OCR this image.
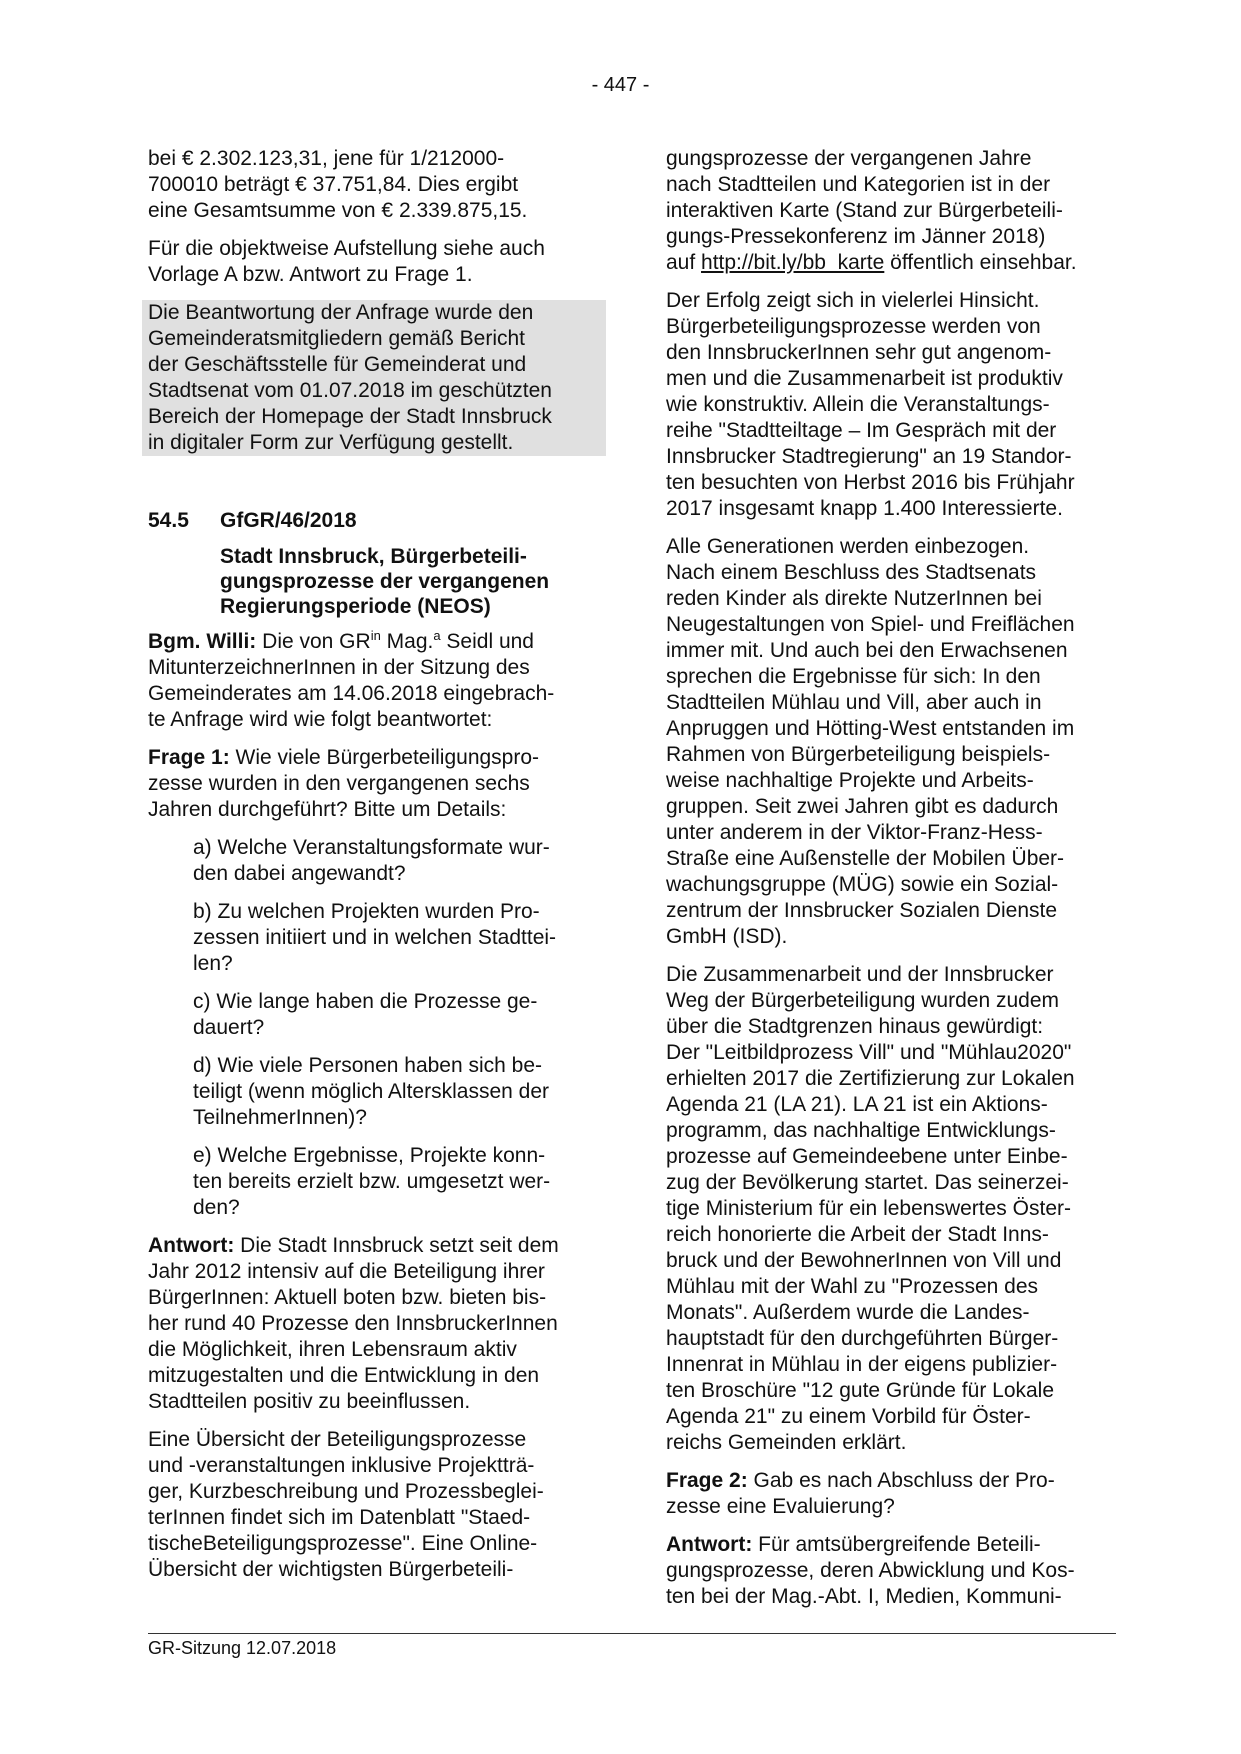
- 447 -

bei € 2.302.123,31, jene für 1/212000-
700010 beträgt € 37.751,84. Dies ergibt
eine Gesamtsumme von € 2.339.875,15.

Für die objektweise Aufstellung siehe auch
Vorlage A bzw. Antwort zu Frage 1.

Die Beantwortung der Anfrage wurde den
Gemeinderatsmitgliedern gemäß Bericht
der Geschäftsstelle für Gemeinderat und
Stadtsenat vom 01.07.2018 im geschützten
Bereich der Homepage der Stadt Innsbruck
in digitaler Form zur Verfügung gestellt.

54.5	GfGR/46/2018
Stadt Innsbruck, Bürgerbeteili-
gungsprozesse der vergangenen
Regierungsperiode (NEOS)

Bgm. Willi: Die von $GR^{in}$ Mag.$^a$ Seidl und
MitunterzeichnerInnen in der Sitzung des
Gemeinderates am 14.06.2018 eingebrach-
te Anfrage wird wie folgt beantwortet:

Frage 1: Wie viele Bürgerbeteiligungspro-
zesse wurden in den vergangenen sechs
Jahren durchgeführt? Bitte um Details:

a) Welche Veranstaltungsformate wur-
den dabei angewandt?

b) Zu welchen Projekten wurden Pro-
zessen initiiert und in welchen Stadttei-
len?

c) Wie lange haben die Prozesse ge-
dauert?

d) Wie viele Personen haben sich be-
teiligt (wenn möglich Altersklassen der
TeilnehmerInnen)?

e) Welche Ergebnisse, Projekte konn-
ten bereits erzielt bzw. umgesetzt wer-
den?

Antwort: Die Stadt Innsbruck setzt seit dem
Jahr 2012 intensiv auf die Beteiligung ihrer
BürgerInnen: Aktuell boten bzw. bieten bis-
her rund 40 Prozesse den InnsbruckerInnen
die Möglichkeit, ihren Lebensraum aktiv
mitzugestalten und die Entwicklung in den
Stadtteilen positiv zu beeinflussen.

Eine Übersicht der Beteiligungsprozesse
und -veranstaltungen inklusive Projektträ-
ger, Kurzbeschreibung und Prozessbeglei-
terInnen findet sich im Datenblatt "Staed-
tischeBeteiligungsprozesse". Eine Online-
Übersicht der wichtigsten Bürgerbeteili-

gungsprozesse der vergangenen Jahre
nach Stadtteilen und Kategorien ist in der
interaktiven Karte (Stand zur Bürgerbeteili-
gungs-Pressekonferenz im Jänner 2018)
auf http://bit.ly/bb_karte öffentlich einsehbar.

Der Erfolg zeigt sich in vielerlei Hinsicht.
Bürgerbeteiligungsprozesse werden von
den InnsbruckerInnen sehr gut angenom-
men und die Zusammenarbeit ist produktiv
wie konstruktiv. Allein die Veranstaltungs-
reihe "Stadtteiltage – Im Gespräch mit der
Innsbrucker Stadtregierung" an 19 Standor-
ten besuchten von Herbst 2016 bis Frühjahr
2017 insgesamt knapp 1.400 Interessierte.

Alle Generationen werden einbezogen.
Nach einem Beschluss des Stadtsenats
reden Kinder als direkte NutzerInnen bei
Neugestaltungen von Spiel- und Freiflächen
immer mit. Und auch bei den Erwachsenen
sprechen die Ergebnisse für sich: In den
Stadtteilen Mühlau und Vill, aber auch in
Anpruggen und Hötting-West entstanden im
Rahmen von Bürgerbeteiligung beispiels-
weise nachhaltige Projekte und Arbeits-
gruppen. Seit zwei Jahren gibt es dadurch
unter anderem in der Viktor-Franz-Hess-
Straße eine Außenstelle der Mobilen Über-
wachungsgruppe (MÜG) sowie ein Sozial-
zentrum der Innsbrucker Sozialen Dienste
GmbH (ISD).

Die Zusammenarbeit und der Innsbrucker
Weg der Bürgerbeteiligung wurden zudem
über die Stadtgrenzen hinaus gewürdigt:
Der "Leitbildprozess Vill" und "Mühlau2020"
erhielten 2017 die Zertifizierung zur Lokalen
Agenda 21 (LA 21). LA 21 ist ein Aktions-
programm, das nachhaltige Entwicklungs-
prozesse auf Gemeindeebene unter Einbe-
zug der Bevölkerung startet. Das seinerzei-
tige Ministerium für ein lebenswertes Öster-
reich honorierte die Arbeit der Stadt Inns-
bruck und der BewohnerInnen von Vill und
Mühlau mit der Wahl zu "Prozessen des
Monats". Außerdem wurde die Landes-
hauptstadt für den durchgeführten Bürger-
Innenrat in Mühlau in der eigens publizier-
ten Broschüre "12 gute Gründe für Lokale
Agenda 21" zu einem Vorbild für Öster-
reichs Gemeinden erklärt.

Frage 2: Gab es nach Abschluss der Pro-
zesse eine Evaluierung?

Antwort: Für amtsübergreifende Beteili-
gungsprozesse, deren Abwicklung und Kos-
ten bei der Mag.-Abt. I, Medien, Kommuni-

GR-Sitzung 12.07.2018
